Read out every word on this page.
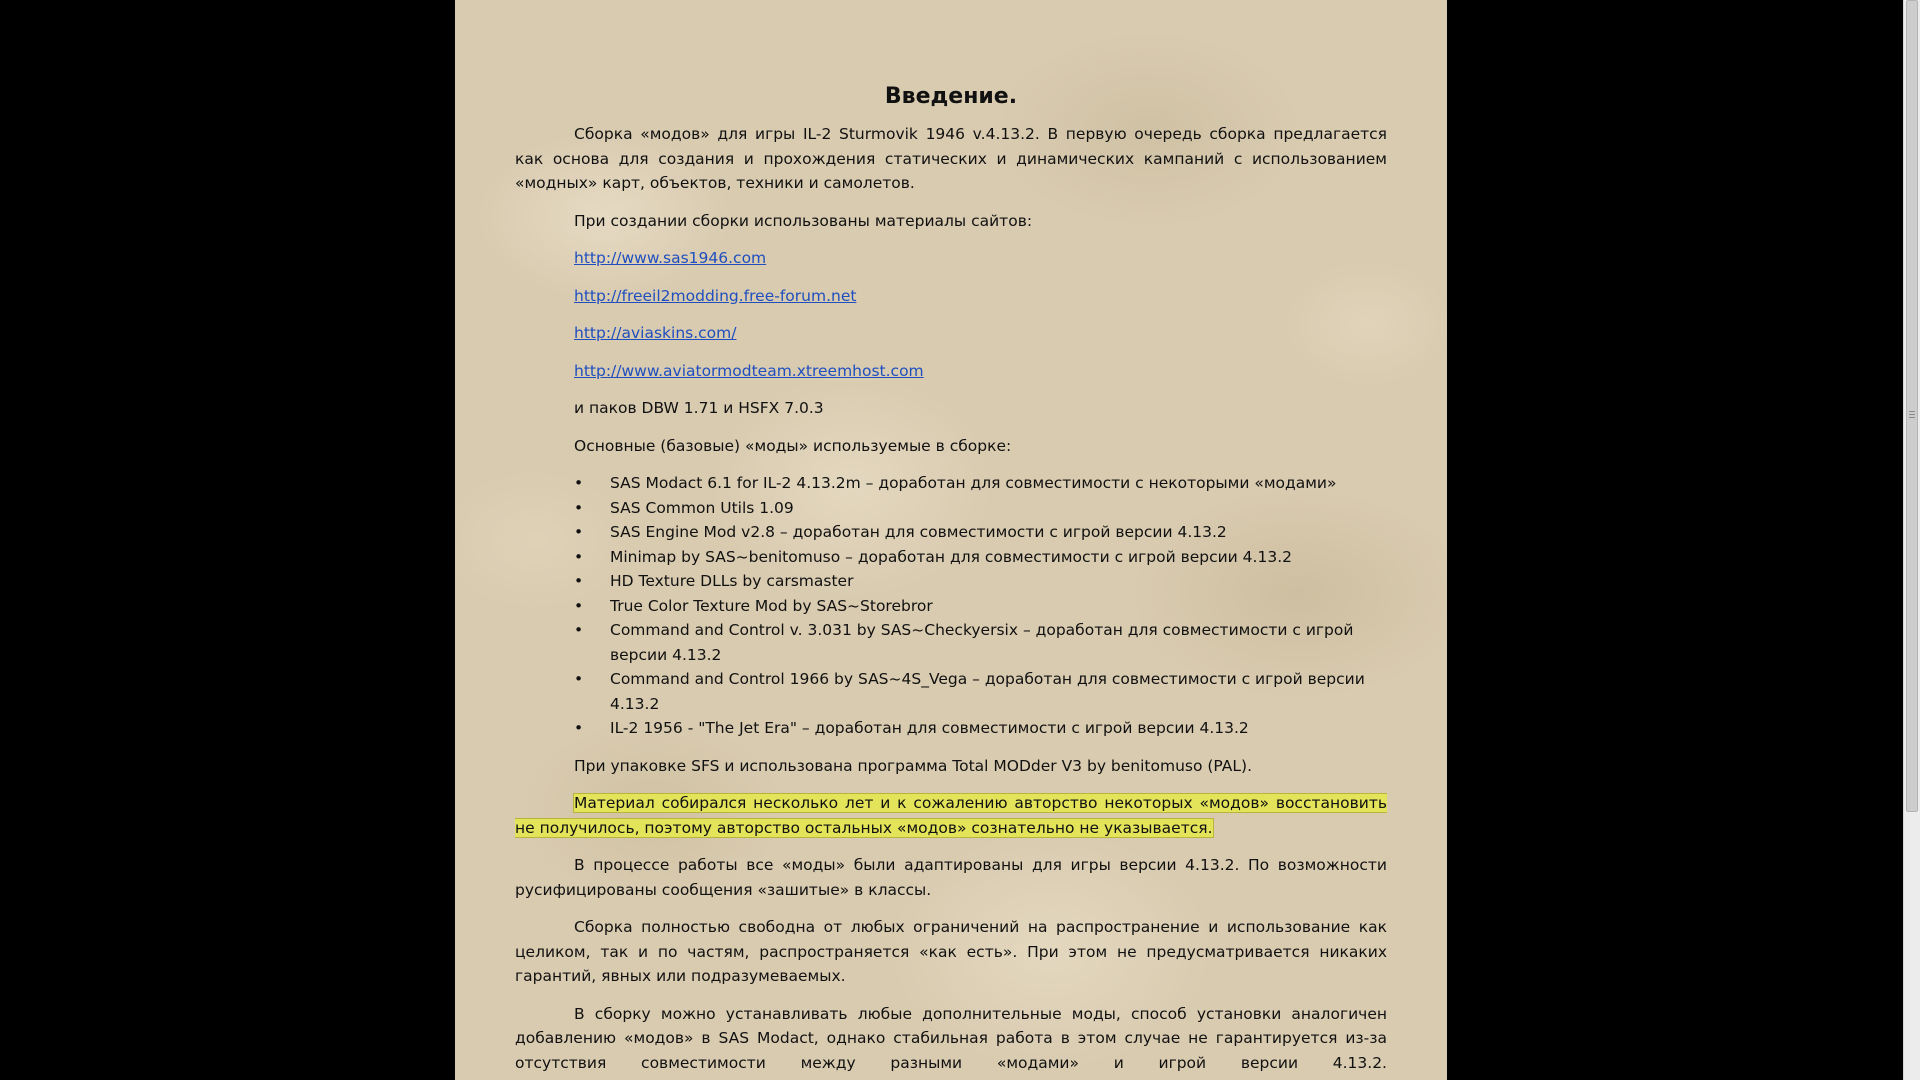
Введение.

Сборка «модов» для игры IL-2 Sturmovik 1946 v.4.13.2. В первую очередь сборка предлагается как основа для создания и прохождения статических и динамических кампаний с использованием «модных» карт, объектов, техники и самолетов.

При создании сборки использованы материалы сайтов:

http://www.sas1946.com
http://freeil2modding.free-forum.net
http://aviaskins.com/
http://www.aviatormodteam.xtreemhost.com

и паков DBW 1.71 и HSFX 7.0.3

Основные (базовые) «моды» используемые в сборке:

• SAS Modact 6.1 for IL-2 4.13.2m – доработан для совместимости с некоторыми «модами»
• SAS Common Utils 1.09
• SAS Engine Mod v2.8 – доработан для совместимости с игрой версии 4.13.2
• Minimap by SAS~benitomuso – доработан для совместимости с игрой версии 4.13.2
• HD Texture DLLs by carsmaster
• True Color Texture Mod by SAS~Storebror
• Command and Control v. 3.031 by SAS~Checkyersix – доработан для совместимости с игрой версии 4.13.2
• Command and Control 1966 by SAS~4S_Vega – доработан для совместимости с игрой версии 4.13.2
• IL-2 1956 - "The Jet Era" – доработан для совместимости с игрой версии 4.13.2

При упаковке SFS и использована программа Total MODder V3 by benitomuso (PAL).

Материал собирался несколько лет и к сожалению авторство некоторых «модов» восстановить не получилось, поэтому авторство остальных «модов» сознательно не указывается.

В процессе работы все «моды» были адаптированы для игры версии 4.13.2. По возможности русифицированы сообщения «зашитые» в классы.

Сборка полностью свободна от любых ограничений на распространение и использование как целиком, так и по частям, распространяется «как есть». При этом не предусматривается никаких гарантий, явных или подразумеваемых.

В сборку можно устанавливать любые дополнительные моды, способ установки аналогичен добавлению «модов» в SAS Modact, однако стабильная работа в этом случае не гарантируется из-за отсутствия совместимости между разными «модами» и игрой версии 4.13.2.
